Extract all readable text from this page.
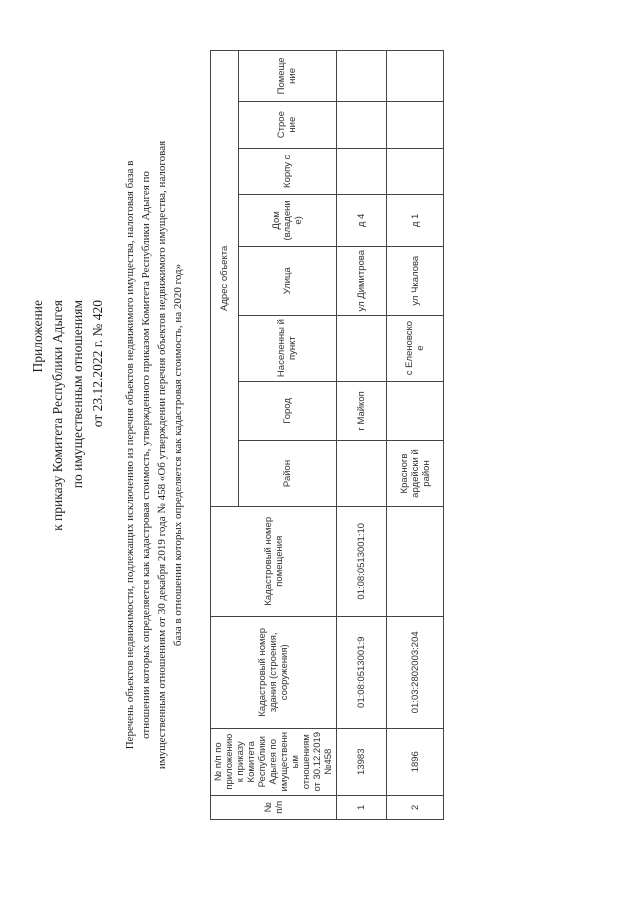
Приложение к приказу Комитета Республики Адыгея по имущественным отношениям от 23.12.2022 г. № 420 Перечень объектов недвижимости, подлежащих исключению из перечня объектов недвижимого имущества, налоговая база в отношении которых определяется как кадастровая стоимость, утвержденного приказом Комитета Республики Адыгея по имущественным отношениям от 30 декабря 2019 года № 458 «Об утверждении перечня объектов недвижимого имущества, налоговая база в отношении которых определяется как кадастровая стоимость, на 2020 год»
№ п/п	№ п/п по приложению к приказу Комитета Республики Адыгея по имущественн ым отношениям от 30.12.2019 №458	Кадастровый номер здания (строения, сооружения)	Кадастровый номер помещения	Адрес объекта							
				Район	Город	Населенны й пункт	Улица	Дом (владени е)	Корпу с	Строе ние	Помеще ние
1	13983	01:08:0513001:9	01:08:0513001:10		г Майкоп		ул Димитрова	д 4			
2	1896	01:03:2802003:204		Красногв ардейски й район		с Еленовско е	ул Чкалова	д 1			
